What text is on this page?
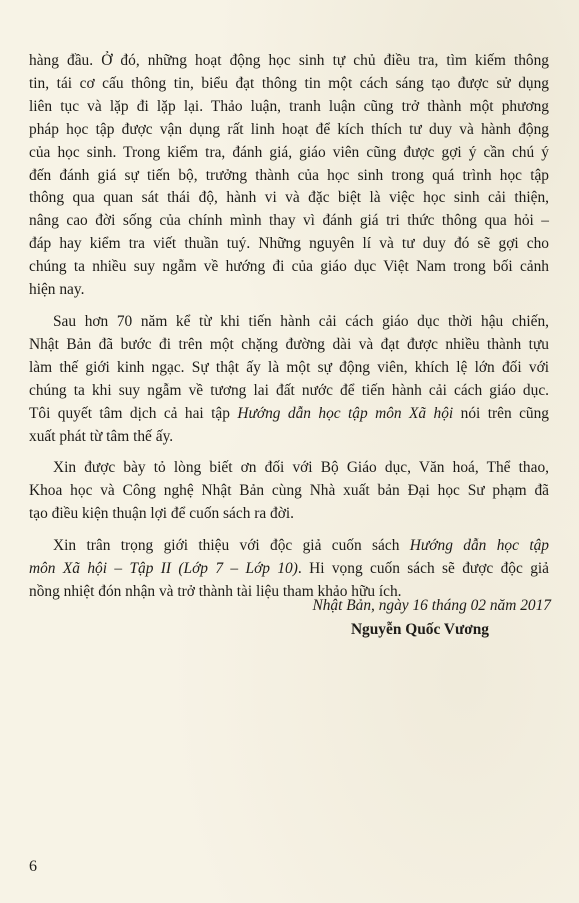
hàng đầu. Ở đó, những hoạt động học sinh tự chủ điều tra, tìm kiếm thông
tin, tái cơ cấu thông tin, biểu đạt thông tin một cách sáng tạo được sử dụng
liên tục và lặp đi lặp lại. Thảo luận, tranh luận cũng trở thành một phương
pháp học tập được vận dụng rất linh hoạt để kích thích tư duy và hành động
của học sinh. Trong kiểm tra, đánh giá, giáo viên cũng được gợi ý cần chú ý
đến đánh giá sự tiến bộ, trưởng thành của học sinh trong quá trình học tập
thông qua quan sát thái độ, hành vi và đặc biệt là việc học sinh cải thiện,
nâng cao đời sống của chính mình thay vì đánh giá tri thức thông qua hỏi –
đáp hay kiểm tra viết thuần tuý. Những nguyên lí và tư duy đó sẽ gợi cho
chúng ta nhiều suy ngẫm về hướng đi của giáo dục Việt Nam trong bối cảnh
hiện nay.
Sau hơn 70 năm kể từ khi tiến hành cải cách giáo dục thời hậu chiến,
Nhật Bản đã bước đi trên một chặng đường dài và đạt được nhiều thành tựu
làm thế giới kinh ngạc. Sự thật ấy là một sự động viên, khích lệ lớn đối với
chúng ta khi suy ngẫm về tương lai đất nước để tiến hành cải cách giáo dục.
Tôi quyết tâm dịch cả hai tập Hướng dẫn học tập môn Xã hội nói trên cũng
xuất phát từ tâm thế ấy.
Xin được bày tỏ lòng biết ơn đối với Bộ Giáo dục, Văn hoá, Thể thao,
Khoa học và Công nghệ Nhật Bản cùng Nhà xuất bản Đại học Sư phạm đã
tạo điều kiện thuận lợi để cuốn sách ra đời.
Xin trân trọng giới thiệu với độc giả cuốn sách Hướng dẫn học tập
môn Xã hội – Tập II (Lớp 7 – Lớp 10). Hi vọng cuốn sách sẽ được độc giả
nồng nhiệt đón nhận và trở thành tài liệu tham khảo hữu ích.
Nhật Bản, ngày 16 tháng 02 năm 2017
Nguyễn Quốc Vương
6
